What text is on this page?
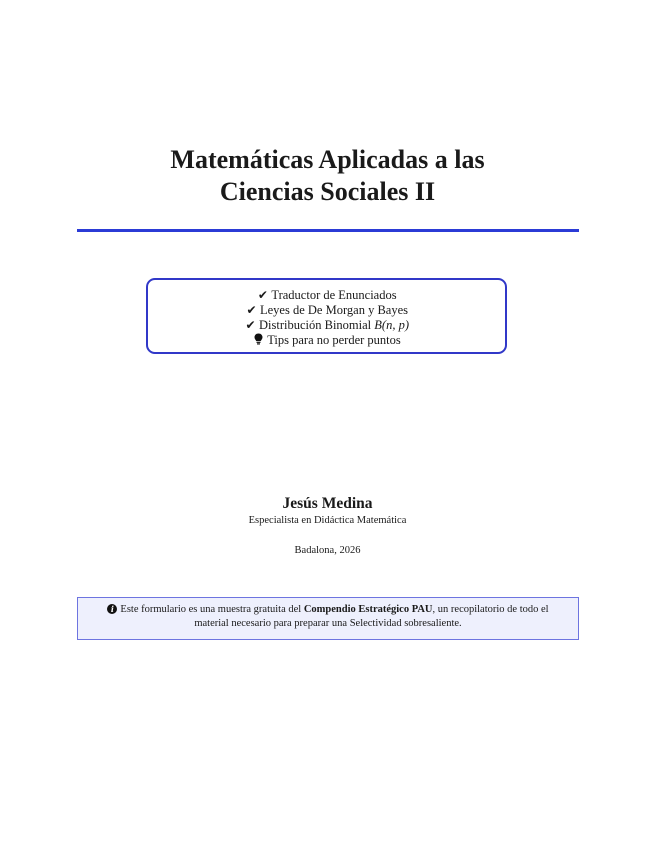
Matemáticas Aplicadas a las
Ciencias Sociales II
✔ Traductor de Enunciados
✔ Leyes de De Morgan y Bayes
✔ Distribución Binomial B(n, p)
Tips para no perder puntos
Jesús Medina
Especialista en Didáctica Matemática
Badalona, 2026
i Este formulario es una muestra gratuita del Compendio Estratégico PAU, un recopilatorio de todo el material necesario para preparar una Selectividad sobresaliente.
